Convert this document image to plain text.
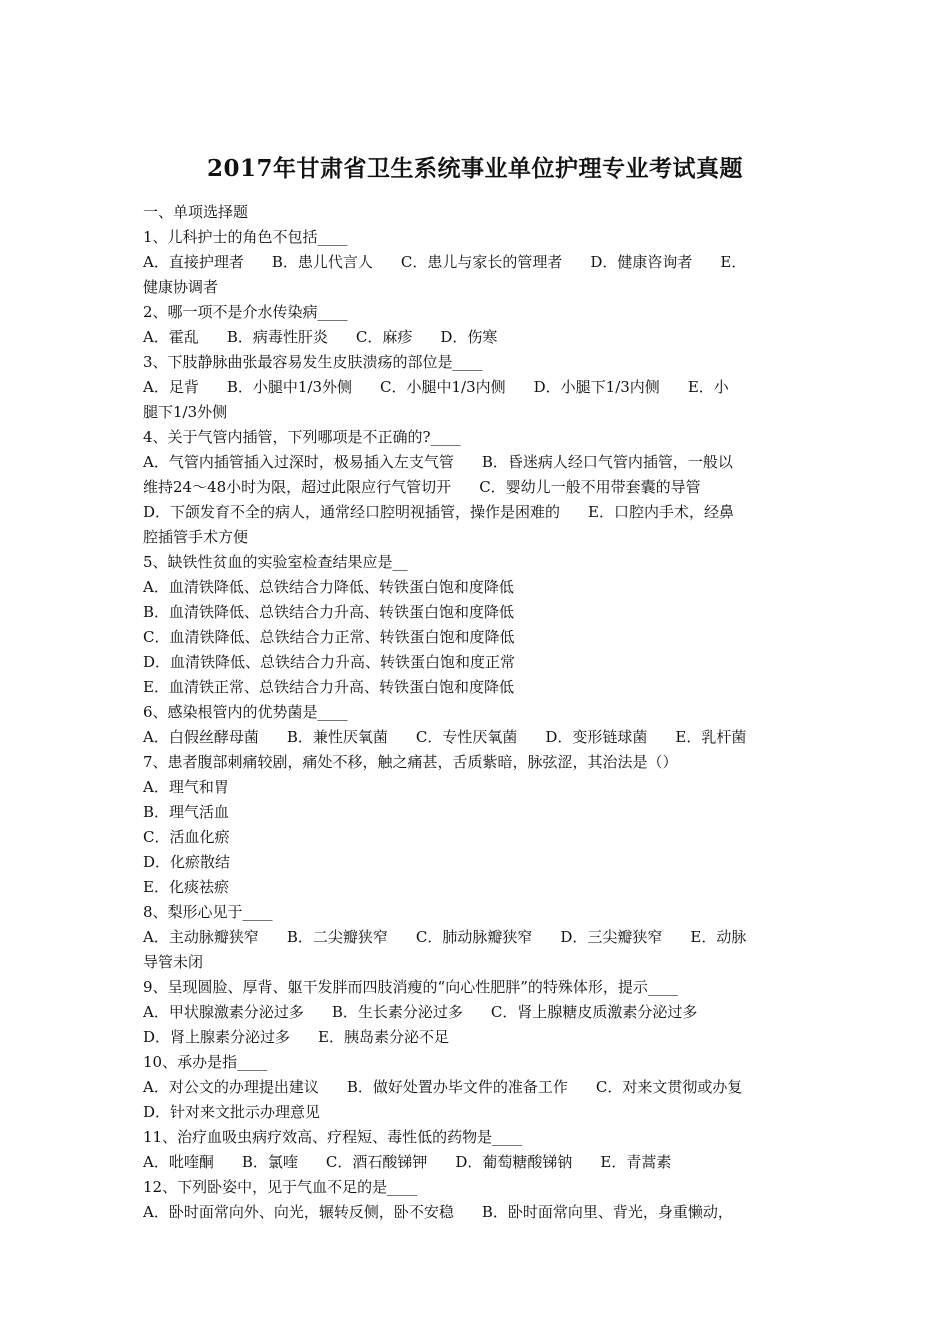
2017年甘肃省卫生系统事业单位护理专业考试真题
一、单项选择题
1、儿科护士的角色不包括____
A．直接护理者 B．患儿代言人 C．患儿与家长的管理者 D．健康咨询者 E．
健康协调者
2、哪一项不是介水传染病____
A．霍乱 B．病毒性肝炎 C．麻疹 D．伤寒
3、下肢静脉曲张最容易发生皮肤溃疡的部位是____
A．足背 B．小腿中1/3外侧 C．小腿中1/3内侧 D．小腿下1/3内侧 E．小
腿下1/3外侧
4、关于气管内插管，下列哪项是不正确的?____
A．气管内插管插入过深时，极易插入左支气管 B．昏迷病人经口气管内插管，一般以
维持24～48小时为限，超过此限应行气管切开 C．婴幼儿一般不用带套囊的导管
D．下颌发育不全的病人，通常经口腔明视插管，操作是困难的 E．口腔内手术，经鼻
腔插管手术方便
5、缺铁性贫血的实验室检查结果应是__
A．血清铁降低、总铁结合力降低、转铁蛋白饱和度降低
B．血清铁降低、总铁结合力升高、转铁蛋白饱和度降低
C．血清铁降低、总铁结合力正常、转铁蛋白饱和度降低
D．血清铁降低、总铁结合力升高、转铁蛋白饱和度正常
E．血清铁正常、总铁结合力升高、转铁蛋白饱和度降低
6、感染根管内的优势菌是____
A．白假丝酵母菌 B．兼性厌氧菌 C．专性厌氧菌 D．变形链球菌 E．乳杆菌
7、患者腹部刺痛较剧，痛处不移，触之痛甚，舌质紫暗，脉弦涩，其治法是（）
A．理气和胃
B．理气活血
C．活血化瘀
D．化瘀散结
E．化痰祛瘀
8、梨形心见于____
A．主动脉瓣狭窄 B．二尖瓣狭窄 C．肺动脉瓣狭窄 D．三尖瓣狭窄 E．动脉
导管未闭
9、呈现圆脸、厚背、躯干发胖而四肢消瘦的“向心性肥胖”的特殊体形，提示____
A．甲状腺激素分泌过多 B．生长素分泌过多 C．肾上腺糖皮质激素分泌过多
D．肾上腺素分泌过多 E．胰岛素分泌不足
10、承办是指____
A．对公文的办理提出建议 B．做好处置办毕文件的准备工作 C．对来文贯彻或办复
D．针对来文批示办理意见
11、治疗血吸虫病疗效高、疗程短、毒性低的药物是____
A．吡喹酮 B．氯喹 C．酒石酸锑钾 D．葡萄糖酸锑钠 E．青蒿素
12、下列卧姿中，见于气血不足的是____
A．卧时面常向外、向光，辗转反侧，卧不安稳 B．卧时面常向里、背光，身重懒动，
